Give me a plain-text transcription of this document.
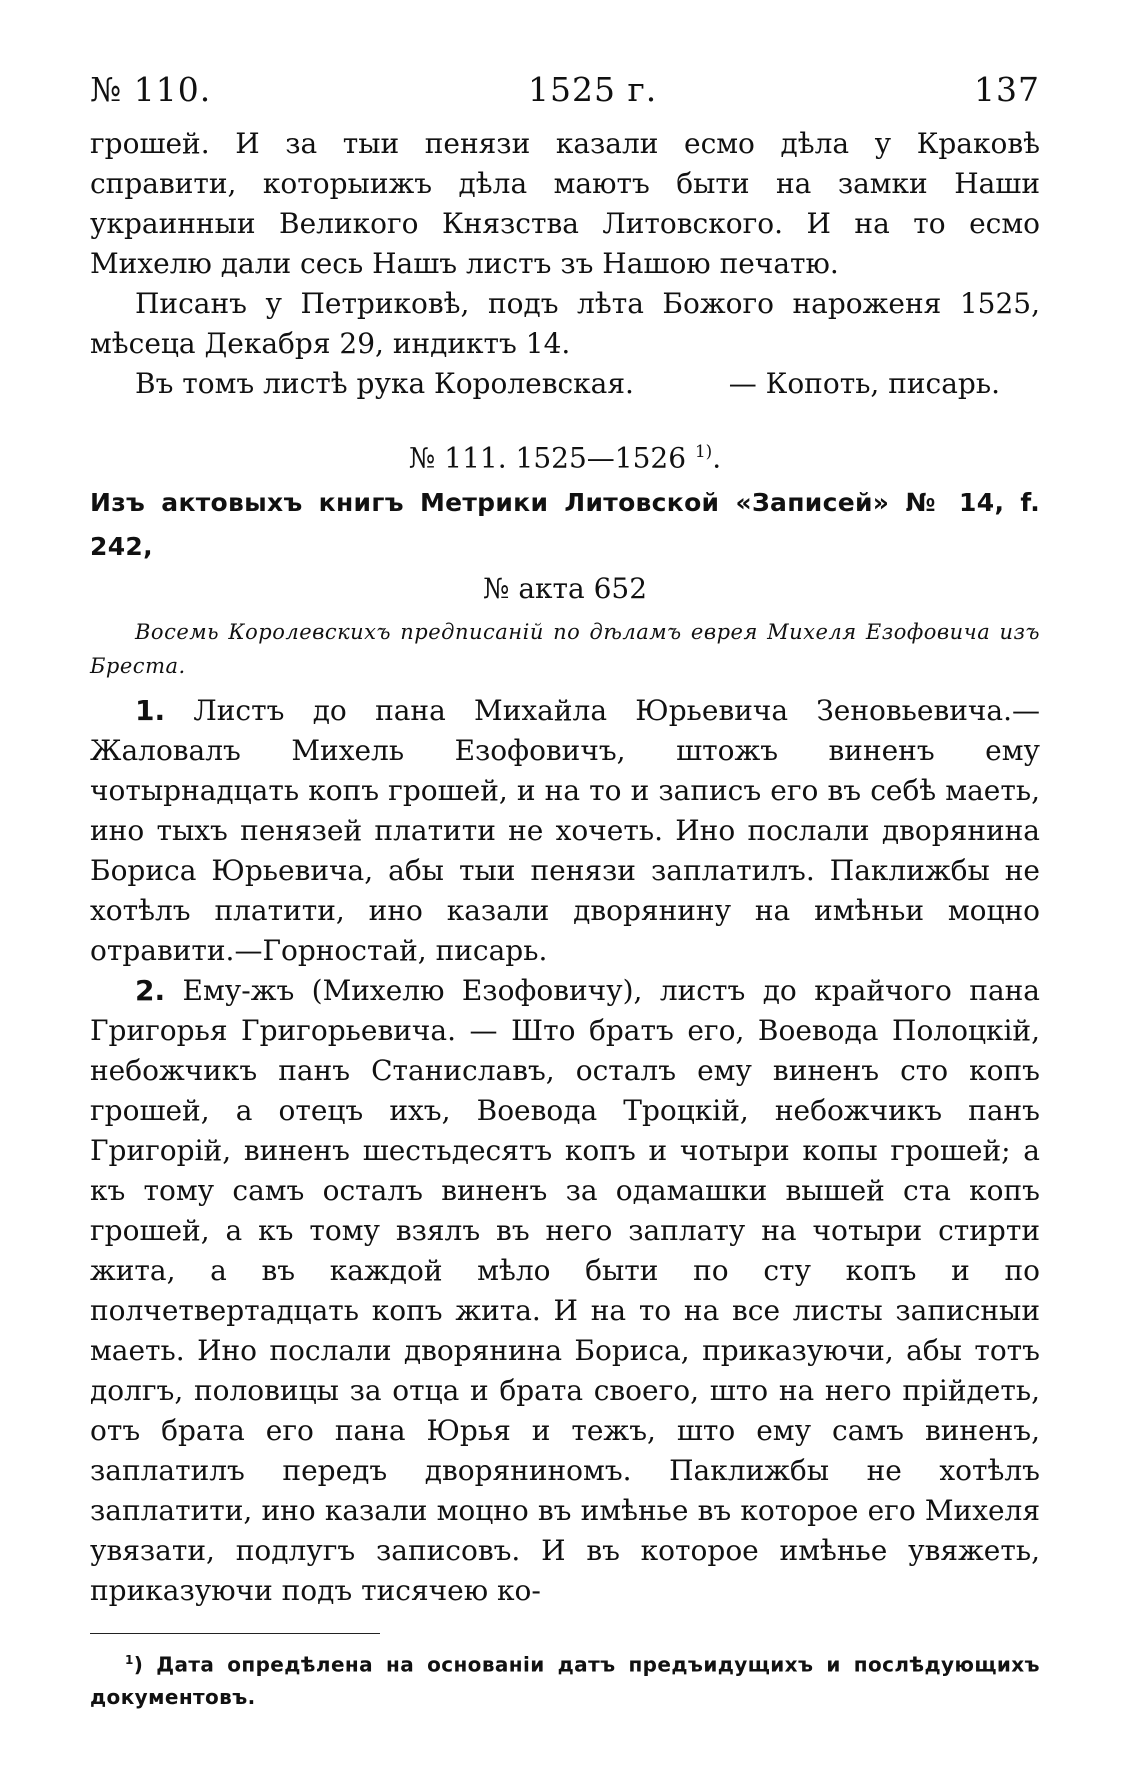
№ 110.	1525 г.	137

грошей. И за тыи пенязи казали есмо дѣла у Краковѣ справити, которыижъ дѣла маютъ быти на замки Наши украинныи Великого Князства Литовского. И на то есмо Михелю дали сесь Нашъ листъ зъ Нашою печатю.

Писанъ у Петриковѣ, подъ лѣта Божого нароженя 1525, мѣсеца Декабря 29, индиктъ 14.

Въ томъ листѣ рука Королевская.	— Копоть, писарь.
№ 111. 1525—1526 $^{1)}$.
Изъ актовыхъ книгъ Метрики Литовской «Записей» № 14, f. 242,
№ акта 652
Восемь Королевскихъ предписаній по дѣламъ еврея Михеля Езофовича изъ Бреста.

1. Листъ до пана Михайла Юрьевича Зеновьевича.—Жаловалъ Михель Езофовичъ, штожъ виненъ ему чотырнадцать копъ грошей, и на то и записъ его въ себѣ маеть, ино тыхъ пенязей платити не хочеть. Ино послали дворянина Бориса Юрьевича, абы тыи пенязи заплатилъ. Паклижбы не хотѣлъ платити, ино казали дворянину на имѣньи моцно отравити.—Горностай, писарь.

2. Ему-жъ (Михелю Езофовичу), листъ до крайчого пана Григорья Григорьевича. — Што братъ его, Воевода Полоцкій, небожчикъ панъ Станиславъ, осталъ ему виненъ сто копъ грошей, а отецъ ихъ, Воевода Троцкій, небожчикъ панъ Григорій, виненъ шестьдесятъ копъ и чотыри копы грошей; а къ тому самъ осталъ виненъ за одамашки вышей ста копъ грошей, а къ тому взялъ въ него заплату на чотыри стирти жита, а въ каждой мѣло быти по сту копъ и по полчетвертадцать копъ жита. И на то на все листы записныи маеть. Ино послали дворянина Бориса, приказуючи, абы тотъ долгъ, половицы за отца и брата своего, што на него прійдеть, отъ брата его пана Юрья и тежъ, што ему самъ виненъ, заплатилъ передъ дворяниномъ. Паклижбы не хотѣлъ заплатити, ино казали моцно въ имѣнье въ которое его Михеля увязати, подлугъ записовъ. И въ которое имѣнье увяжеть, приказуючи подъ тисячею ко-

$^1$) Дата опредѣлена на основаніи датъ предъидущихъ и послѣдующихъ документовъ.
